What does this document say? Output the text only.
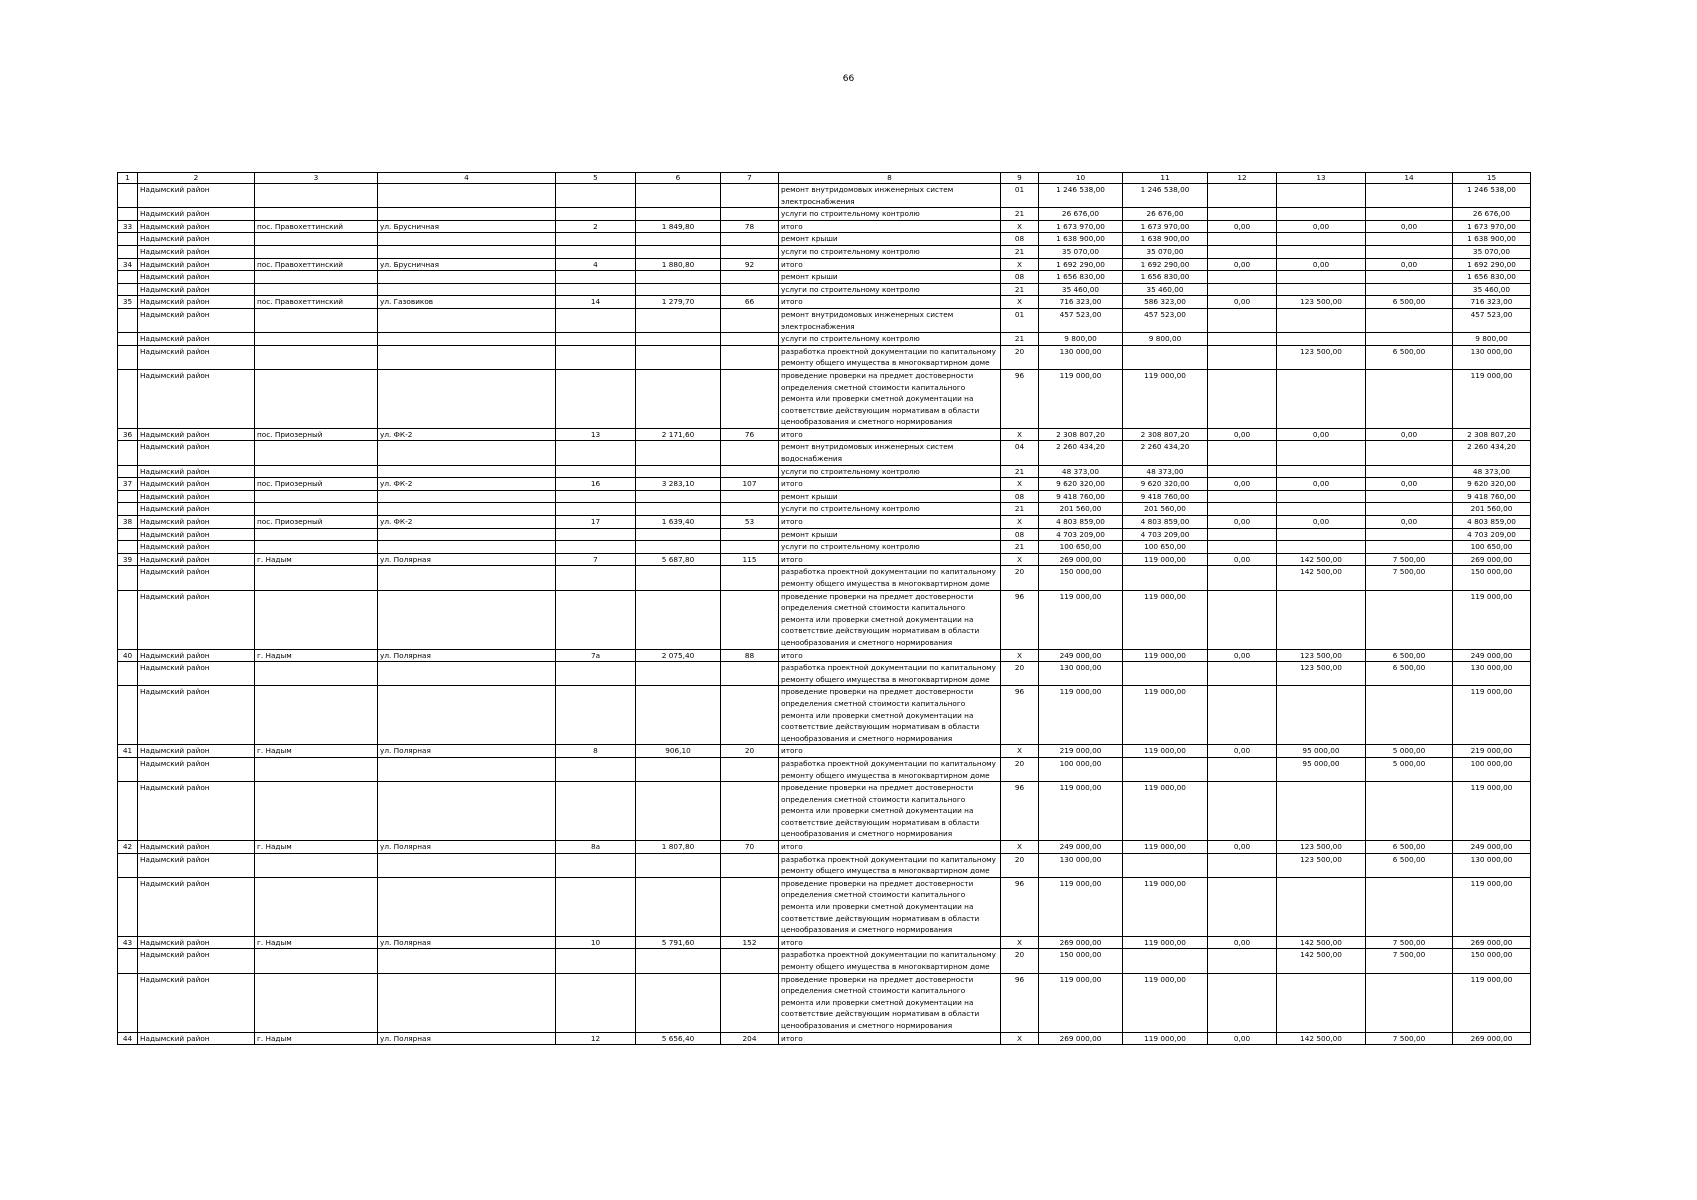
66
1	2	3	4	5	6	7	8	9	10	11	12	13	14	15
	Надымский район						ремонт внутридомовых инженерных систем электроснабжения	01	1 246 538,00	1 246 538,00				1 246 538,00
	Надымский район						услуги по строительному контролю	21	26 676,00	26 676,00				26 676,00
33	Надымский район	пос. Правохеттинский	ул. Брусничная	2	1 849,80	78	итого	X	1 673 970,00	1 673 970,00	0,00	0,00	0,00	1 673 970,00
	Надымский район						ремонт крыши	08	1 638 900,00	1 638 900,00				1 638 900,00
	Надымский район						услуги по строительному контролю	21	35 070,00	35 070,00				35 070,00
34	Надымский район	пос. Правохеттинский	ул. Брусничная	4	1 880,80	92	итого	X	1 692 290,00	1 692 290,00	0,00	0,00	0,00	1 692 290,00
	Надымский район						ремонт крыши	08	1 656 830,00	1 656 830,00				1 656 830,00
	Надымский район						услуги по строительному контролю	21	35 460,00	35 460,00				35 460,00
35	Надымский район	пос. Правохеттинский	ул. Газовиков	14	1 279,70	66	итого	X	716 323,00	586 323,00	0,00	123 500,00	6 500,00	716 323,00
	Надымский район						ремонт внутридомовых инженерных систем электроснабжения	01	457 523,00	457 523,00				457 523,00
	Надымский район						услуги по строительному контролю	21	9 800,00	9 800,00				9 800,00
	Надымский район						разработка проектной документации по капитальному ремонту общего имущества в многоквартирном доме	20	130 000,00			123 500,00	6 500,00	130 000,00
	Надымский район						проведение проверки на предмет достоверности определения сметной стоимости капитального ремонта или проверки сметной документации на соответствие действующим нормативам в области ценообразования и сметного нормирования	96	119 000,00	119 000,00				119 000,00
36	Надымский район	пос. Приозерный	ул. ФК-2	13	2 171,60	76	итого	X	2 308 807,20	2 308 807,20	0,00	0,00	0,00	2 308 807,20
	Надымский район						ремонт внутридомовых инженерных систем водоснабжения	04	2 260 434,20	2 260 434,20				2 260 434,20
	Надымский район						услуги по строительному контролю	21	48 373,00	48 373,00				48 373,00
37	Надымский район	пос. Приозерный	ул. ФК-2	16	3 283,10	107	итого	X	9 620 320,00	9 620 320,00	0,00	0,00	0,00	9 620 320,00
	Надымский район						ремонт крыши	08	9 418 760,00	9 418 760,00				9 418 760,00
	Надымский район						услуги по строительному контролю	21	201 560,00	201 560,00				201 560,00
38	Надымский район	пос. Приозерный	ул. ФК-2	17	1 639,40	53	итого	X	4 803 859,00	4 803 859,00	0,00	0,00	0,00	4 803 859,00
	Надымский район						ремонт крыши	08	4 703 209,00	4 703 209,00				4 703 209,00
	Надымский район						услуги по строительному контролю	21	100 650,00	100 650,00				100 650,00
39	Надымский район	г. Надым	ул. Полярная	7	5 687,80	115	итого	X	269 000,00	119 000,00	0,00	142 500,00	7 500,00	269 000,00
	Надымский район						разработка проектной документации по капитальному ремонту общего имущества в многоквартирном доме	20	150 000,00			142 500,00	7 500,00	150 000,00
	Надымский район						проведение проверки на предмет достоверности определения сметной стоимости капитального ремонта или проверки сметной документации на соответствие действующим нормативам в области ценообразования и сметного нормирования	96	119 000,00	119 000,00				119 000,00
40	Надымский район	г. Надым	ул. Полярная	7а	2 075,40	88	итого	X	249 000,00	119 000,00	0,00	123 500,00	6 500,00	249 000,00
	Надымский район						разработка проектной документации по капитальному ремонту общего имущества в многоквартирном доме	20	130 000,00			123 500,00	6 500,00	130 000,00
	Надымский район						проведение проверки на предмет достоверности определения сметной стоимости капитального ремонта или проверки сметной документации на соответствие действующим нормативам в области ценообразования и сметного нормирования	96	119 000,00	119 000,00				119 000,00
41	Надымский район	г. Надым	ул. Полярная	8	906,10	20	итого	X	219 000,00	119 000,00	0,00	95 000,00	5 000,00	219 000,00
	Надымский район						разработка проектной документации по капитальному ремонту общего имущества в многоквартирном доме	20	100 000,00			95 000,00	5 000,00	100 000,00
	Надымский район						проведение проверки на предмет достоверности определения сметной стоимости капитального ремонта или проверки сметной документации на соответствие действующим нормативам в области ценообразования и сметного нормирования	96	119 000,00	119 000,00				119 000,00
42	Надымский район	г. Надым	ул. Полярная	8а	1 807,80	70	итого	X	249 000,00	119 000,00	0,00	123 500,00	6 500,00	249 000,00
	Надымский район						разработка проектной документации по капитальному ремонту общего имущества в многоквартирном доме	20	130 000,00			123 500,00	6 500,00	130 000,00
	Надымский район						проведение проверки на предмет достоверности определения сметной стоимости капитального ремонта или проверки сметной документации на соответствие действующим нормативам в области ценообразования и сметного нормирования	96	119 000,00	119 000,00				119 000,00
43	Надымский район	г. Надым	ул. Полярная	10	5 791,60	152	итого	X	269 000,00	119 000,00	0,00	142 500,00	7 500,00	269 000,00
	Надымский район						разработка проектной документации по капитальному ремонту общего имущества в многоквартирном доме	20	150 000,00			142 500,00	7 500,00	150 000,00
	Надымский район						проведение проверки на предмет достоверности определения сметной стоимости капитального ремонта или проверки сметной документации на соответствие действующим нормативам в области ценообразования и сметного нормирования	96	119 000,00	119 000,00				119 000,00
44	Надымский район	г. Надым	ул. Полярная	12	5 656,40	204	итого	X	269 000,00	119 000,00	0,00	142 500,00	7 500,00	269 000,00
